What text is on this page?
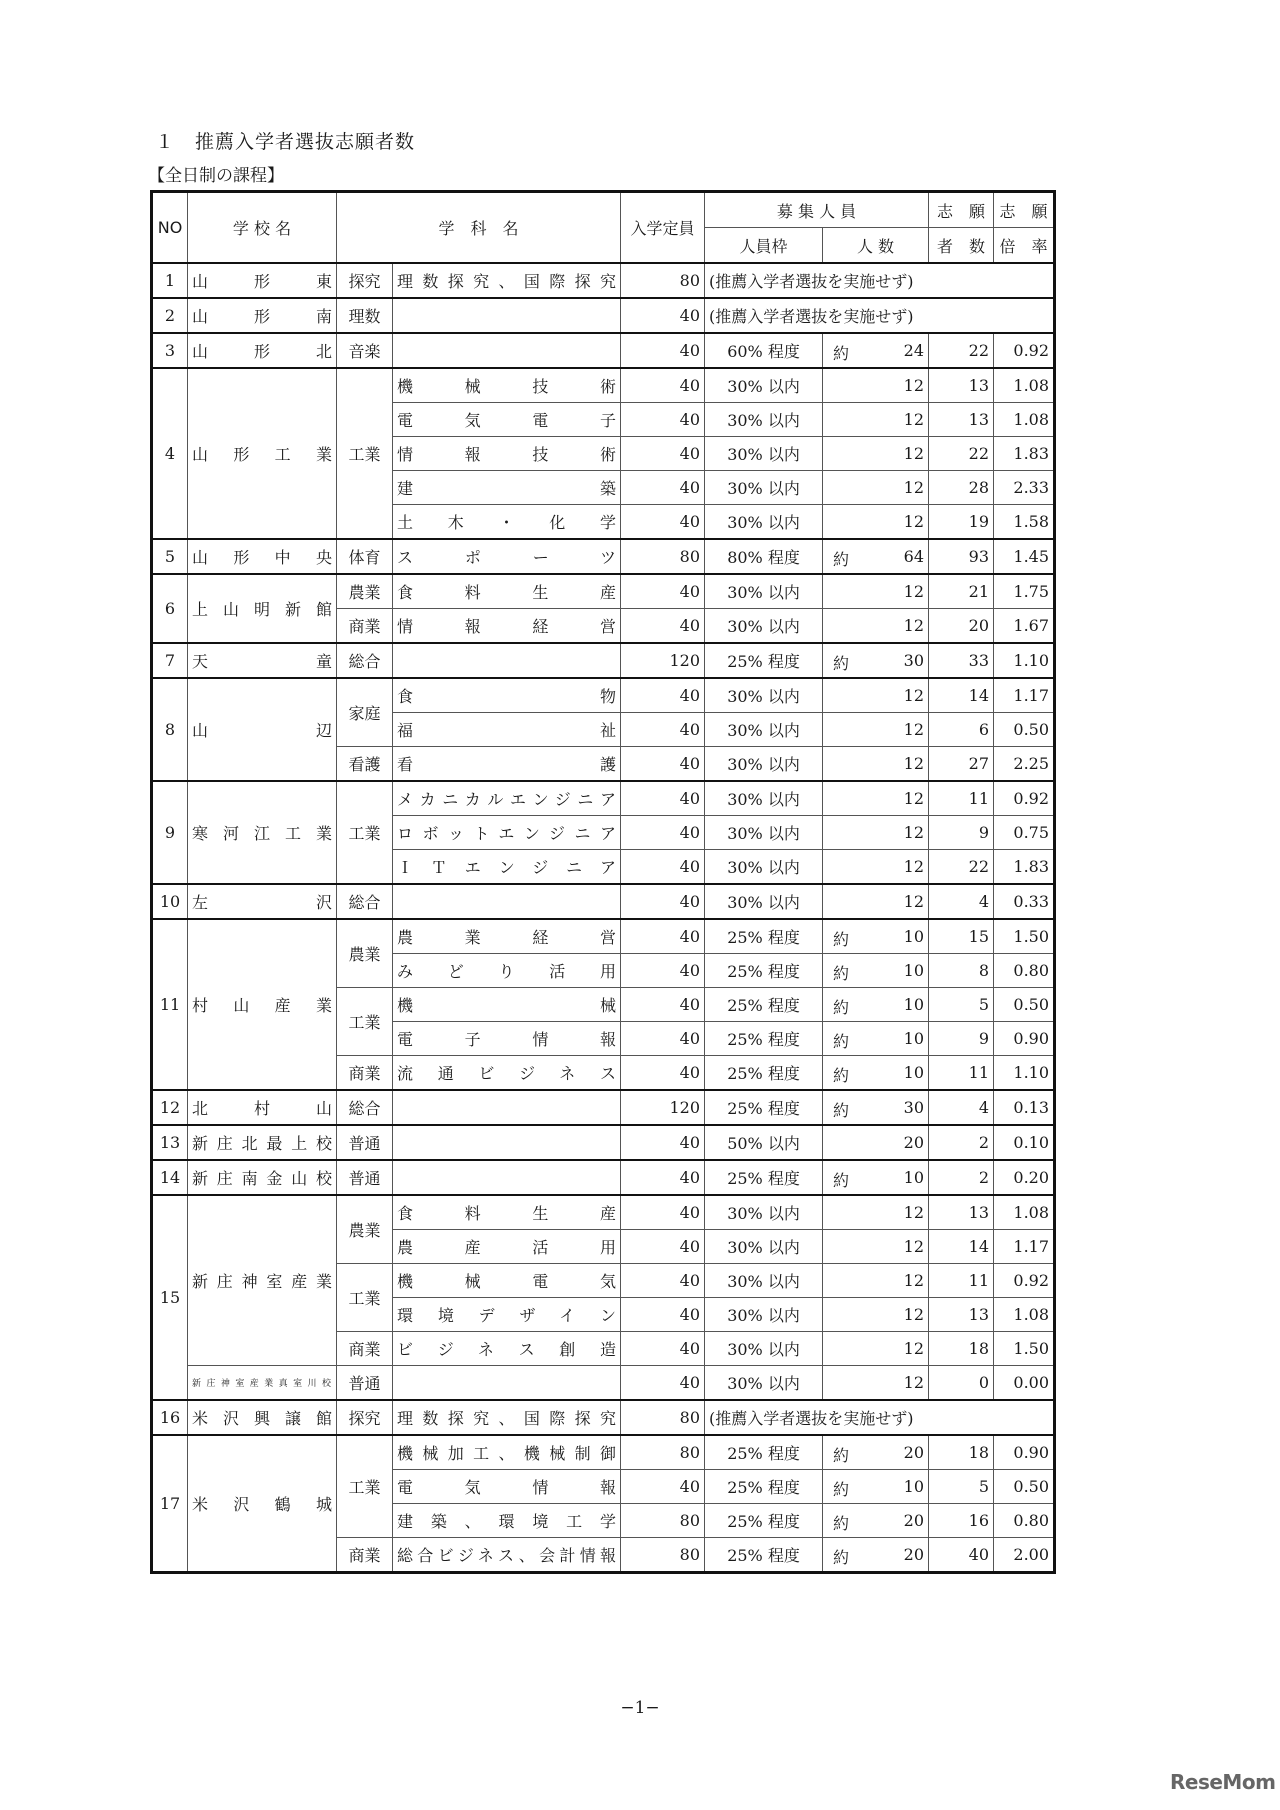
１　推薦入学者選抜志願者数
【全日制の課程】
NO	学 校 名	学　科　名		入学定員	募 集 人 員		志　願	志　願
					人員枠	人 数	者　数	倍　率
1	山形東	探究	理数探究、国際探究	80	(推薦入学者選抜を実施せず)			
2	山形南	理数		40	(推薦入学者選抜を実施せず)			
3	山形北	音楽		40	60% 程度	約 24	22	0.92
4	山形工業	工業	機械技術	40	30% 以内	12	13	1.08
			電気電子	40	30% 以内	12	13	1.08
			情報技術	40	30% 以内	12	22	1.83
			建築	40	30% 以内	12	28	2.33
			土木・化学	40	30% 以内	12	19	1.58
5	山形中央	体育	スポーツ	80	80% 程度	約 64	93	1.45
6	上山明新館	農業	食料生産	40	30% 以内	12	21	1.75
		商業	情報経営	40	30% 以内	12	20	1.67
7	天童	総合		120	25% 程度	約 30	33	1.10
8	山辺	家庭	食物	40	30% 以内	12	14	1.17
			福祉	40	30% 以内	12	6	0.50
		看護	看護	40	30% 以内	12	27	2.25
9	寒河江工業	工業	メカニカルエンジニア	40	30% 以内	12	11	0.92
			ロボットエンジニア	40	30% 以内	12	9	0.75
			ＩＴエンジニア	40	30% 以内	12	22	1.83
10	左沢	総合		40	30% 以内	12	4	0.33
11	村山産業	農業	農業経営	40	25% 程度	約 10	15	1.50
			みどり活用	40	25% 程度	約 10	8	0.80
		工業	機械	40	25% 程度	約 10	5	0.50
			電子情報	40	25% 程度	約 10	9	0.90
		商業	流通ビジネス	40	25% 程度	約 10	11	1.10
12	北村山	総合		120	25% 程度	約 30	4	0.13
13	新庄北最上校	普通		40	50% 以内	20	2	0.10
14	新庄南金山校	普通		40	25% 程度	約 10	2	0.20
15	新庄神室産業	農業	食料生産	40	30% 以内	12	13	1.08
			農産活用	40	30% 以内	12	14	1.17
		工業	機械電気	40	30% 以内	12	11	0.92
			環境デザイン	40	30% 以内	12	13	1.08
		商業	ビジネス創造	40	30% 以内	12	18	1.50
	新庄神室産業真室川校	普通		40	30% 以内	12	0	0.00
16	米沢興譲館	探究	理数探究、国際探究	80	(推薦入学者選抜を実施せず)			
17	米沢鶴城	工業	機械加工、機械制御	80	25% 程度	約 20	18	0.90
			電気情報	40	25% 程度	約 10	5	0.50
			建築、環境工学	80	25% 程度	約 20	16	0.80
		商業	総合ビジネス、会計情報	80	25% 程度	約 20	40	2.00
−1−
ReseMom
